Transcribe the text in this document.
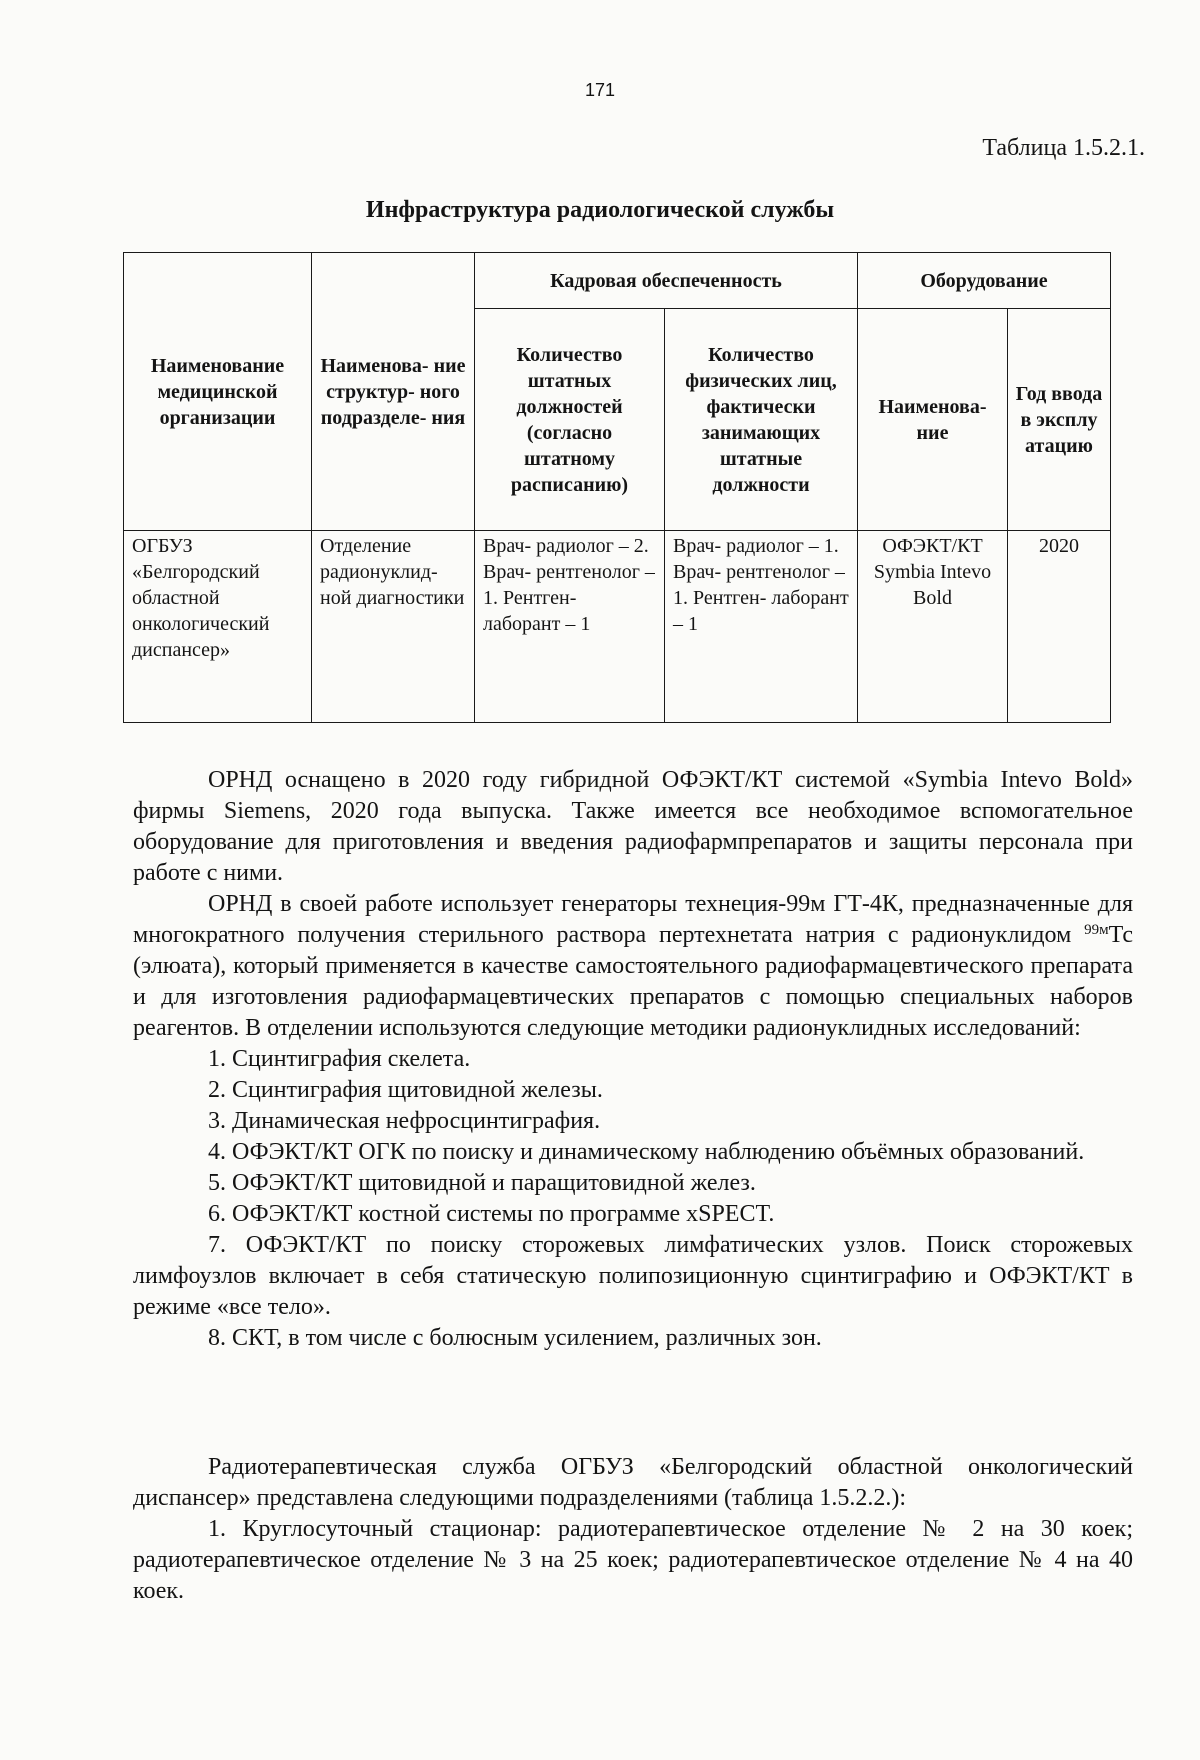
171
Таблица 1.5.2.1.
Инфраструктура радиологической службы
Наименование медицинской организации	Наименова- ние структур- ного подразделе- ния	Кадровая обеспеченность		Оборудование	
		Количество штатных должностей (согласно штатному расписанию)	Количество физических лиц, фактически занимающих штатные должности	Наименова- ние	Год ввода в эксплу атацию
ОГБУЗ «Белгородский областной онкологический диспансер»	Отделение радионуклид- ной диагностики	Врач- радиолог – 2. Врач- рентгенолог – 1. Рентген- лаборант – 1	Врач- радиолог – 1. Врач- рентгенолог – 1. Рентген- лаборант – 1	ОФЭКТ/КТ Symbia Intevo Bold	2020
ОРНД оснащено в 2020 году гибридной ОФЭКТ/КТ системой «Symbia Intevo Bold» фирмы Siemens, 2020 года выпуска. Также имеется все необходимое вспомогательное оборудование для приготовления и введения радиофармпрепаратов и защиты персонала при работе с ними.
ОРНД в своей работе использует генераторы технеция-99м ГТ-4К, предназначенные для многократного получения стерильного раствора пертехнетата натрия с радионуклидом $^{99м}$Тс (элюата), который применяется в качестве самостоятельного радиофармацевтического препарата и для изготовления радиофармацевтических препаратов с помощью специальных наборов реагентов. В отделении используются следующие методики радионуклидных исследований:
1. Сцинтиграфия скелета.
2. Сцинтиграфия щитовидной железы.
3. Динамическая нефросцинтиграфия.
4. ОФЭКТ/КТ ОГК по поиску и динамическому наблюдению объёмных образований.
5. ОФЭКТ/КТ щитовидной и паращитовидной желез.
6. ОФЭКТ/КТ костной системы по программе xSPECT.
7. ОФЭКТ/КТ по поиску сторожевых лимфатических узлов. Поиск сторожевых лимфоузлов включает в себя статическую полипозиционную сцинтиграфию и ОФЭКТ/КТ в режиме «все тело».
8. СКТ, в том числе с болюсным усилением, различных зон.
Радиотерапевтическая служба ОГБУЗ «Белгородский областной онкологический диспансер» представлена следующими подразделениями (таблица 1.5.2.2.):
1. Круглосуточный стационар: радиотерапевтическое отделение № 2 на 30 коек; радиотерапевтическое отделение № 3 на 25 коек; радиотерапевтическое отделение № 4 на 40 коек.
